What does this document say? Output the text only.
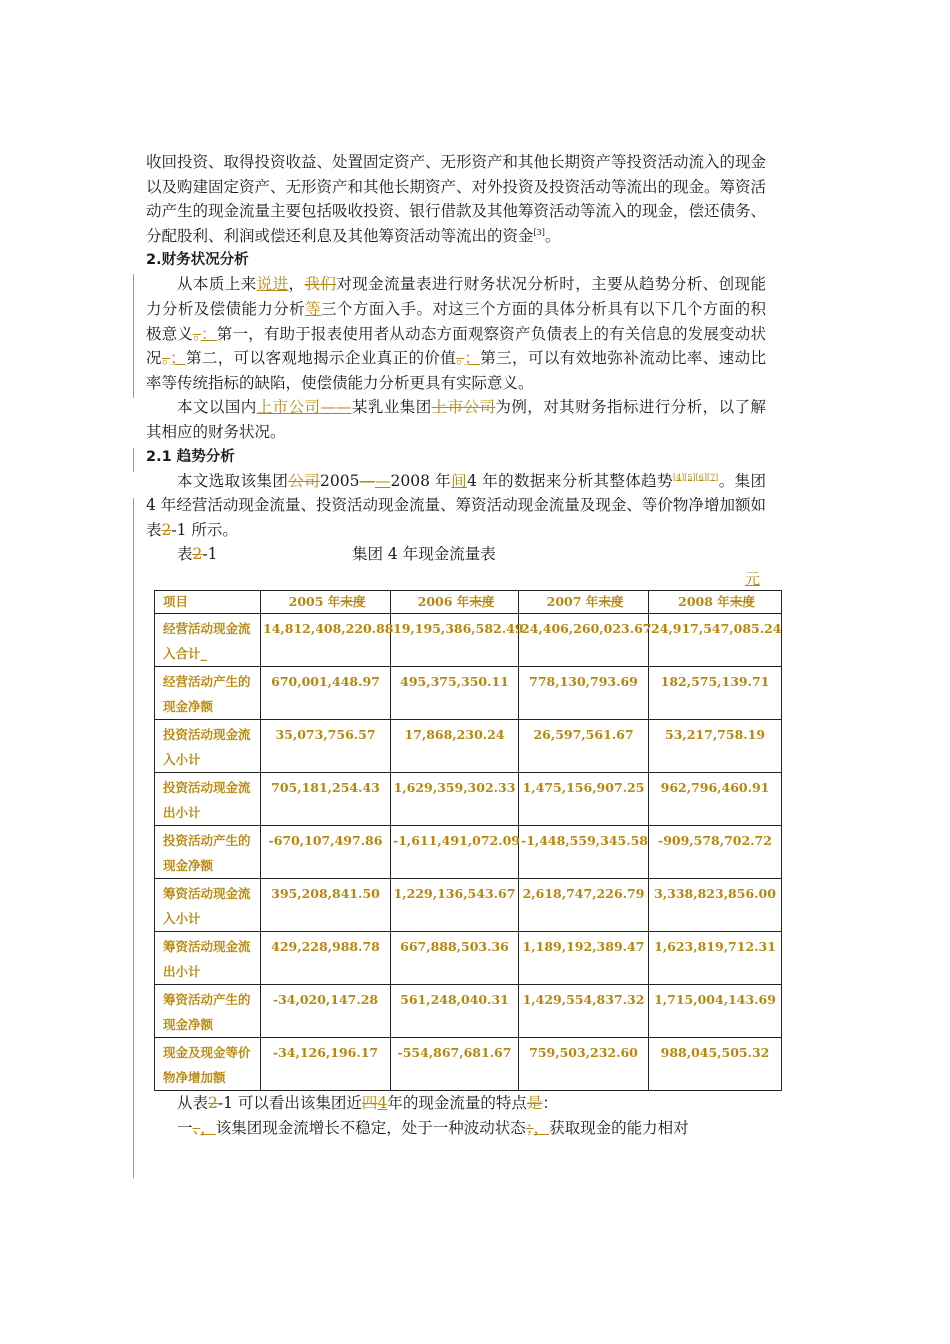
收回投资、取得投资收益、处置固定资产、无形资产和其他长期资产等投资活动流入的现金以及购建固定资产、无形资产和其他长期资产、对外投资及投资活动等流出的现金。筹资活动产生的现金流量主要包括吸收投资、银行借款及其他筹资活动等流入的现金，偿还债务、分配股利、利润或偿还利息及其他筹资活动等流出的资金[3]。

2.财务状况分析

从本质上来说进，我们对现金流量表进行财务状况分析时，主要从趋势分析、创现能力分析及偿债能力分析等三个方面入手。对这三个方面的具体分析具有以下几个方面的积极意义。：第一，有助于报表使用者从动态方面观察资产负债表上的有关信息的发展变动状况。；第二，可以客观地揭示企业真正的价值。；第三，可以有效地弥补流动比率、速动比率等传统指标的缺陷，使偿债能力分析更具有实际意义。

本文以国内上市公司——某乳业集团上市公司为例，对其财务指标进行分析，以了解其相应的财务状况。

2.1 趋势分析

本文选取该集团公司2005——2008 年间4 年的数据来分析其整体趋势[4][5][6][7]。集团 4 年经营活动现金流量、投资活动现金流量、筹资活动现金流量及现金、等价物净增加额如表2-1 所示。

表2-1	集团 4 年现金流量表

元

项目	2005 年末度	2006 年末度	2007 年末度	2008 年末度
经营活动现金流入合计_	14,812,408,220.88	19,195,386,582.49	24,406,260,023.67	24,917,547,085.24
经营活动产生的现金净额	670,001,448.97	495,375,350.11	778,130,793.69	182,575,139.71
投资活动现金流入小计	35,073,756.57	17,868,230.24	26,597,561.67	53,217,758.19
投资活动现金流出小计	705,181,254.43	1,629,359,302.33	1,475,156,907.25	962,796,460.91
投资活动产生的现金净额	-670,107,497.86	-1,611,491,072.09	-1,448,559,345.58	-909,578,702.72
筹资活动现金流入小计	395,208,841.50	1,229,136,543.67	2,618,747,226.79	3,338,823,856.00
筹资活动现金流出小计	429,228,988.78	667,888,503.36	1,189,192,389.47	1,623,819,712.31
筹资活动产生的现金净额	-34,020,147.28	561,248,040.31	1,429,554,837.32	1,715,004,143.69
现金及现金等价物净增加额	-34,126,196.17	-554,867,681.67	759,503,232.60	988,045,505.32

从表2-1 可以看出该集团近四4年的现金流量的特点是：

一、，该集团现金流增长不稳定，处于一种波动状态；，获取现金的能力相对
